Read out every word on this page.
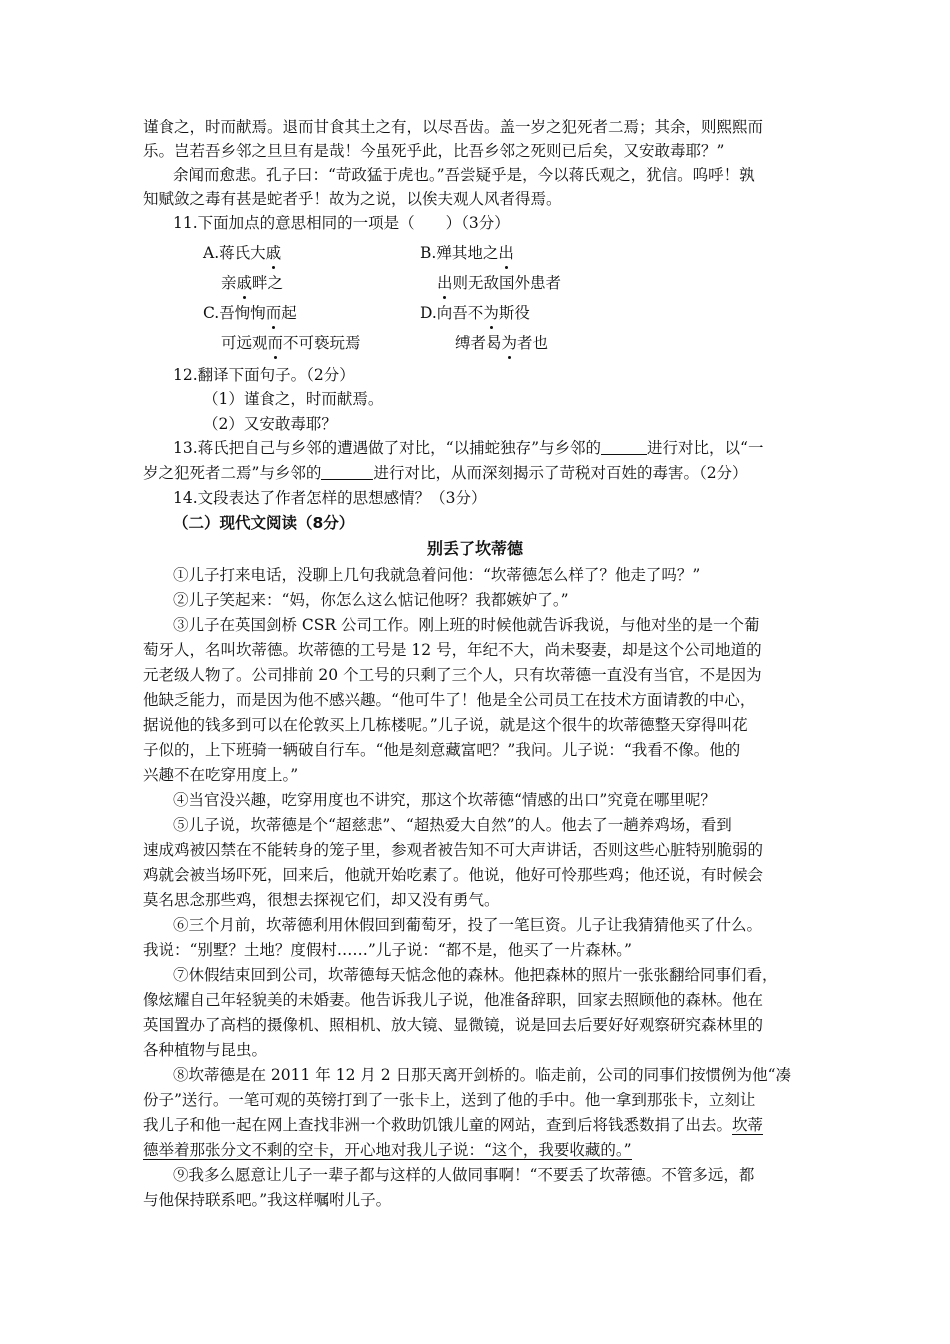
谨食之，时而献焉。退而甘食其土之有，以尽吾齿。盖一岁之犯死者二焉；其余，则熙熙而
乐。岂若吾乡邻之旦旦有是哉！今虽死乎此，比吾乡邻之死则已后矣，又安敢毒耶？”
余闻而愈悲。孔子曰：“苛政猛于虎也。”吾尝疑乎是，今以蒋氏观之，犹信。呜呼！孰
知赋敛之毒有甚是蛇者乎！故为之说，以俟夫观人风者得焉。
11.下面加点的意思相同的一项是（　　）（3分）
A.蒋氏大戚	B.殚其地之出
亲戚畔之	出则无敌国外患者
C.吾恂恂而起	D.向吾不为斯役
可远观而不可亵玩焉	缚者曷为者也
12.翻译下面句子。（2分）
（1）谨食之，时而献焉。
（2）又安敢毒耶？
13.蒋氏把自己与乡邻的遭遇做了对比，“以捕蛇独存”与乡邻的	进行对比，以“一
岁之犯死者二焉”与乡邻的	进行对比，从而深刻揭示了苛税对百姓的毒害。（2分）
14.文段表达了作者怎样的思想感情？（3分）
（二）现代文阅读（8分）
别丢了坎蒂德
①儿子打来电话，没聊上几句我就急着问他：“坎蒂德怎么样了？他走了吗？”
②儿子笑起来：“妈，你怎么这么惦记他呀？我都嫉妒了。”
③儿子在英国剑桥 CSR 公司工作。刚上班的时候他就告诉我说，与他对坐的是一个葡
萄牙人，名叫坎蒂德。坎蒂德的工号是 12 号，年纪不大，尚未娶妻，却是这个公司地道的
元老级人物了。公司排前 20 个工号的只剩了三个人，只有坎蒂德一直没有当官，不是因为
他缺乏能力，而是因为他不感兴趣。“他可牛了！他是全公司员工在技术方面请教的中心，
据说他的钱多到可以在伦敦买上几栋楼呢。”儿子说，就是这个很牛的坎蒂德整天穿得叫花
子似的，上下班骑一辆破自行车。“他是刻意藏富吧？”我问。儿子说：“我看不像。他的
兴趣不在吃穿用度上。”
④当官没兴趣，吃穿用度也不讲究，那这个坎蒂德“情感的出口”究竟在哪里呢？
⑤儿子说，坎蒂德是个“超慈悲”、“超热爱大自然”的人。他去了一趟养鸡场，看到
速成鸡被囚禁在不能转身的笼子里，参观者被告知不可大声讲话，否则这些心脏特别脆弱的
鸡就会被当场吓死，回来后，他就开始吃素了。他说，他好可怜那些鸡；他还说，有时候会
莫名思念那些鸡，很想去探视它们，却又没有勇气。
⑥三个月前，坎蒂德利用休假回到葡萄牙，投了一笔巨资。儿子让我猜猜他买了什么。
我说：“别墅？土地？度假村……”儿子说：“都不是，他买了一片森林。”
⑦休假结束回到公司，坎蒂德每天惦念他的森林。他把森林的照片一张张翻给同事们看，
像炫耀自己年轻貌美的未婚妻。他告诉我儿子说，他准备辞职，回家去照顾他的森林。他在
英国置办了高档的摄像机、照相机、放大镜、显微镜，说是回去后要好好观察研究森林里的
各种植物与昆虫。
⑧坎蒂德是在 2011 年 12 月 2 日那天离开剑桥的。临走前，公司的同事们按惯例为他“凑
份子”送行。一笔可观的英镑打到了一张卡上，送到了他的手中。他一拿到那张卡，立刻让
我儿子和他一起在网上查找非洲一个救助饥饿儿童的网站，查到后将钱悉数捐了出去。坎蒂
德举着那张分文不剩的空卡，开心地对我儿子说：“这个，我要收藏的。”
⑨我多么愿意让儿子一辈子都与这样的人做同事啊！“不要丢了坎蒂德。不管多远，都
与他保持联系吧。”我这样嘱咐儿子。
